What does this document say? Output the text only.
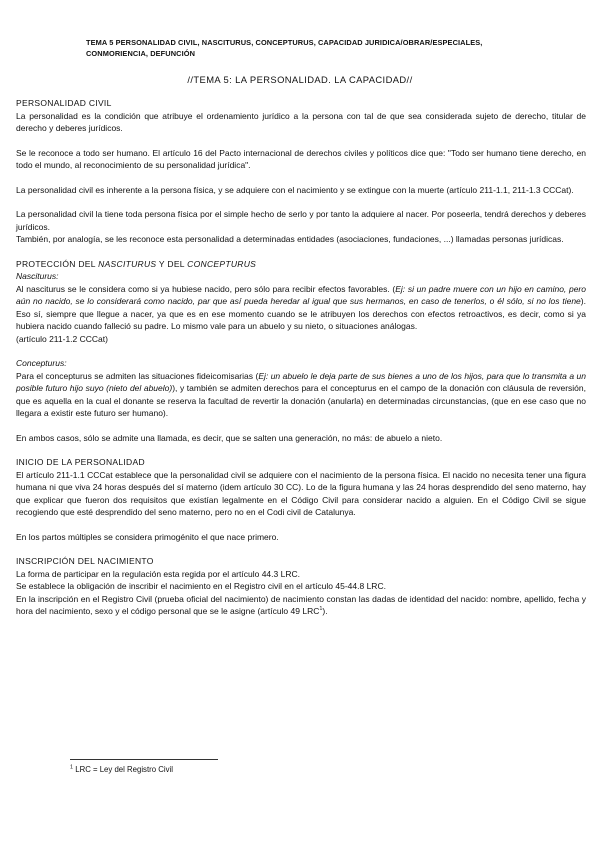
TEMA 5 PERSONALIDAD CIVIL, NASCITURUS, CONCEPTURUS, CAPACIDAD JURIDICA/OBRAR/ESPECIALES,
CONMORIENCIA, DEFUNCIÓN
//TEMA 5: LA PERSONALIDAD. LA CAPACIDAD//

PERSONALIDAD CIVIL

La personalidad es la condición que atribuye el ordenamiento jurídico a la persona con tal de que sea considerada sujeto de derecho, titular de derecho y deberes jurídicos.

Se le reconoce a todo ser humano. El artículo 16 del Pacto internacional de derechos civiles y políticos dice que: "Todo ser humano tiene derecho, en todo el mundo, al reconocimiento de su personalidad jurídica".

La personalidad civil es inherente a la persona física, y se adquiere con el nacimiento y se extingue con la muerte (artículo 211-1.1, 211-1.3 CCCat).

La personalidad civil la tiene toda persona física por el simple hecho de serlo y por tanto la adquiere al nacer. Por poseerla, tendrá derechos y deberes jurídicos.

También, por analogía, se les reconoce esta personalidad a determinadas entidades (asociaciones, fundaciones, ...) llamadas personas jurídicas.

PROTECCIÓN DEL NASCITURUS Y DEL CONCEPTURUS

Nasciturus:

Al nasciturus se le considera como si ya hubiese nacido, pero sólo para recibir efectos favorables. (Ej: si un padre muere con un hijo en camino, pero aún no nacido, se lo considerará como nacido, par que así pueda heredar al igual que sus hermanos, en caso de tenerlos, o él sólo, si no los tiene). Eso sí, siempre que llegue a nacer, ya que es en ese momento cuando se le atribuyen los derechos con efectos retroactivos, es decir, como si ya hubiera nacido cuando falleció su padre. Lo mismo vale para un abuelo y su nieto, o situaciones análogas.

(artículo 211-1.2 CCCat)

Concepturus:

Para el concepturus se admiten las situaciones fideicomisarias (Ej: un abuelo le deja parte de sus bienes a uno de los hijos, para que lo transmita a un posible futuro hijo suyo (nieto del abuelo)), y también se admiten derechos para el concepturus en el campo de la donación con cláusula de reversión, que es aquella en la cual el donante se reserva la facultad de revertir la donación (anularla) en determinadas circunstancias, (que en ese caso que no llegara a existir este futuro ser humano).

En ambos casos, sólo se admite una llamada, es decir, que se salten una generación, no más: de abuelo a nieto.

INICIO DE LA PERSONALIDAD

El artículo 211-1.1 CCCat establece que la personalidad civil se adquiere con el nacimiento de la persona física. El nacido no necesita tener una figura humana ni que viva 24 horas después del sí materno (idem artículo 30 CC). Lo de la figura humana y las 24 horas desprendido del seno materno, hay que explicar que fueron dos requisitos que existían legalmente en el Código Civil para considerar nacido a alguien. En el Código Civil se sigue recogiendo que esté desprendido del seno materno, pero no en el Codi civil de Catalunya.

En los partos múltiples se considera primogénito el que nace primero.

INSCRIPCIÓN DEL NACIMIENTO

La forma de participar en la regulación esta regida por el artículo 44.3 LRC.

Se establece la obligación de inscribir el nacimiento en el Registro civil en el artículo 45-44.8 LRC.

En la inscripción en el Registro Civil (prueba oficial del nacimiento) de nacimiento constan las dadas de identidad del nacido: nombre, apellido, fecha y hora del nacimiento, sexo y el código personal que se le asigne (artículo 49 LRC$^1$).

$^1$ LRC = Ley del Registro Civil
